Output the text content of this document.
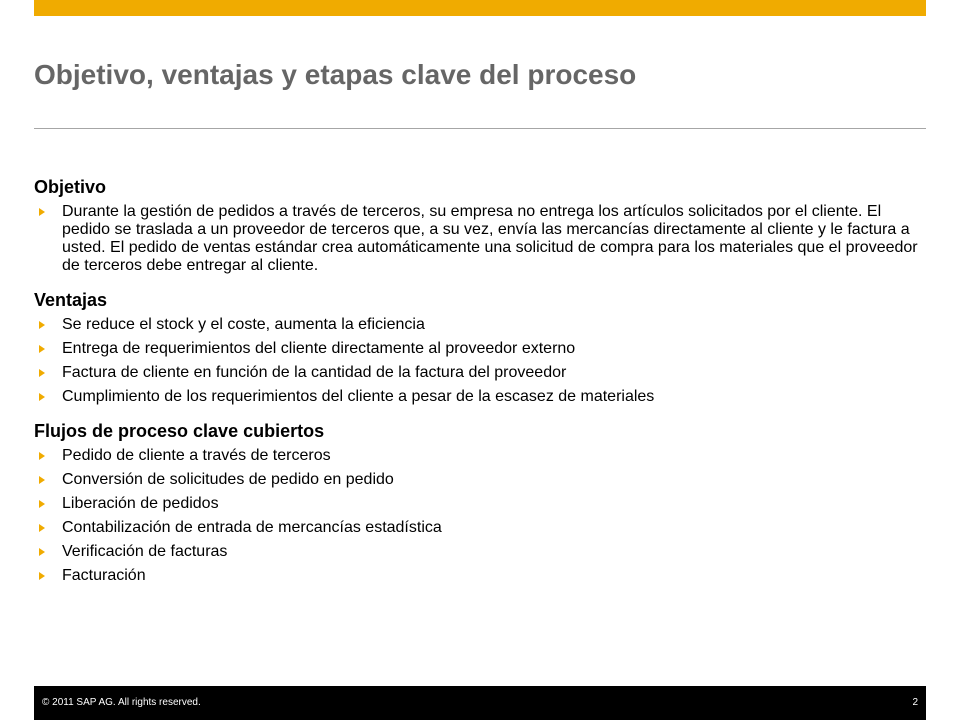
Objetivo, ventajas y etapas clave del proceso
Objetivo
Durante la gestión de pedidos a través de terceros, su empresa no entrega los artículos solicitados por el cliente. El pedido se traslada a un proveedor de terceros que, a su vez, envía las mercancías directamente al cliente y le factura a usted. El pedido de ventas estándar crea automáticamente una solicitud de compra para los materiales que el proveedor de terceros debe entregar al cliente.
Ventajas
Se reduce el stock y el coste, aumenta la eficiencia
Entrega de requerimientos del cliente directamente al proveedor externo
Factura de cliente en función de la cantidad de la factura del proveedor
Cumplimiento de los requerimientos del cliente a pesar de la escasez de materiales
Flujos de proceso clave cubiertos
Pedido de cliente a través de terceros
Conversión de solicitudes de pedido en pedido
Liberación de pedidos
Contabilización de entrada de mercancías estadística
Verificación de facturas
Facturación
© 2011 SAP AG. All rights reserved.	2
